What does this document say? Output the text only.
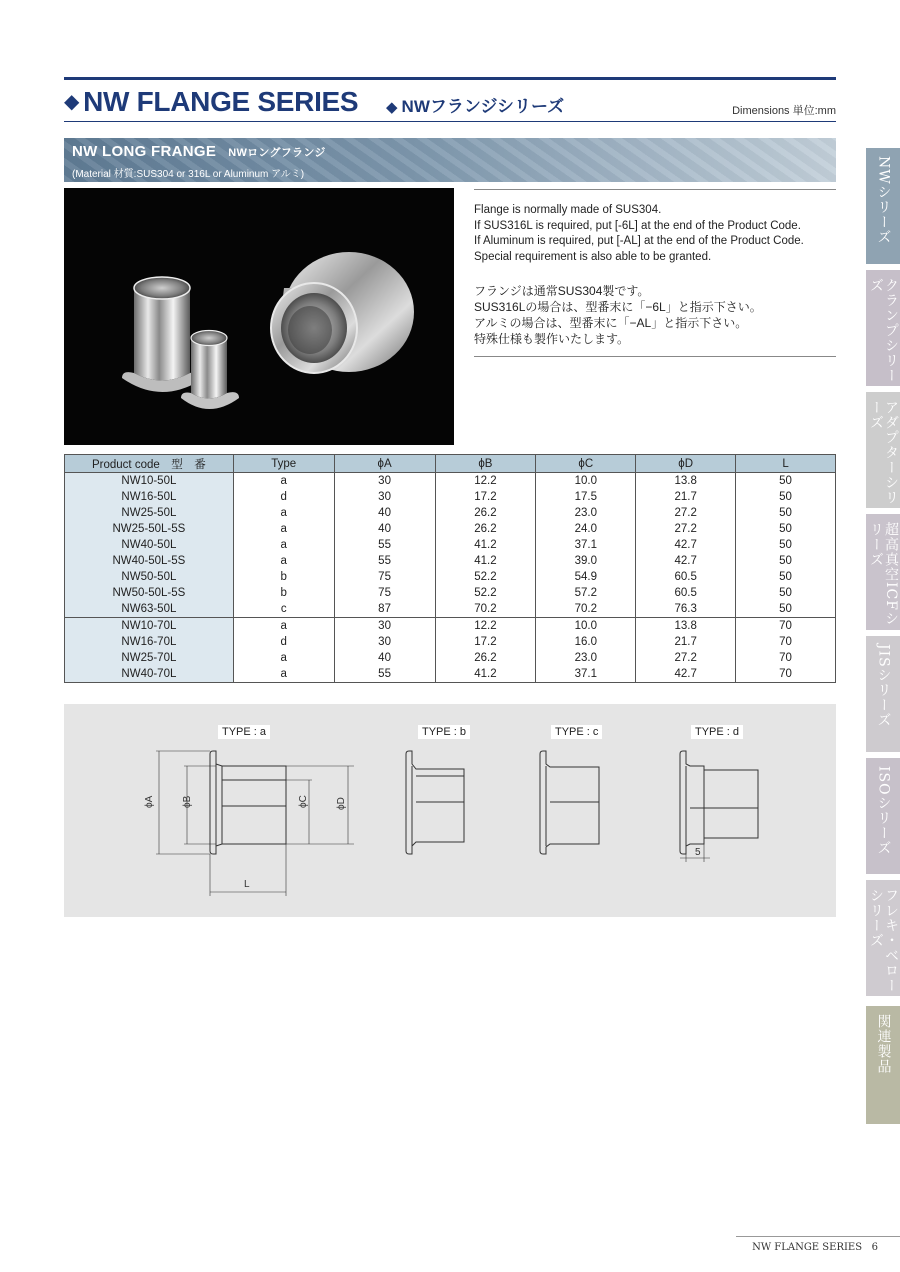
◆ NW FLANGE SERIES ◆ NWフランジシリーズ	Dimensions 単位:mm
NW LONG FRANGE NWロングフランジ
(Material 材質:SUS304 or 316L or Aluminum アルミ)
Flange is normally made of SUS304.
If SUS316L is required, put [-6L] at the end of the Product Code.
If Aluminum is required, put [-AL] at the end of the Product Code.
Special requirement is also able to be granted.
フランジは通常SUS304製です。
SUS316Lの場合は、型番末に「−6L」と指示下さい。
アルミの場合は、型番末に「−AL」と指示下さい。
特殊仕様も製作いたします。
Product code　型　番	Type	ϕA	ϕB	ϕC	ϕD	L
NW10-50L	a	30	12.2	10.0	13.8	50
NW16-50L	d	30	17.2	17.5	21.7	50
NW25-50L	a	40	26.2	23.0	27.2	50
NW25-50L-5S	a	40	26.2	24.0	27.2	50
NW40-50L	a	55	41.2	37.1	42.7	50
NW40-50L-5S	a	55	41.2	39.0	42.7	50
NW50-50L	b	75	52.2	54.9	60.5	50
NW50-50L-5S	b	75	52.2	57.2	60.5	50
NW63-50L	c	87	70.2	70.2	76.3	50
NW10-70L	a	30	12.2	10.0	13.8	70
NW16-70L	d	30	17.2	16.0	21.7	70
NW25-70L	a	40	26.2	23.0	27.2	70
NW40-70L	a	55	41.2	37.1	42.7	70
TYPE : a	TYPE : b	TYPE : c	TYPE : d
ϕA	ϕB	ϕC	ϕD
L
5
NWシリーズ
クランプシリーズ
アダプターシリーズ
超高真空ICFシリーズ
JISシリーズ
ISOシリーズ
フレキ・ベローシリーズ
関連製品
NW FLANGE SERIES 6
